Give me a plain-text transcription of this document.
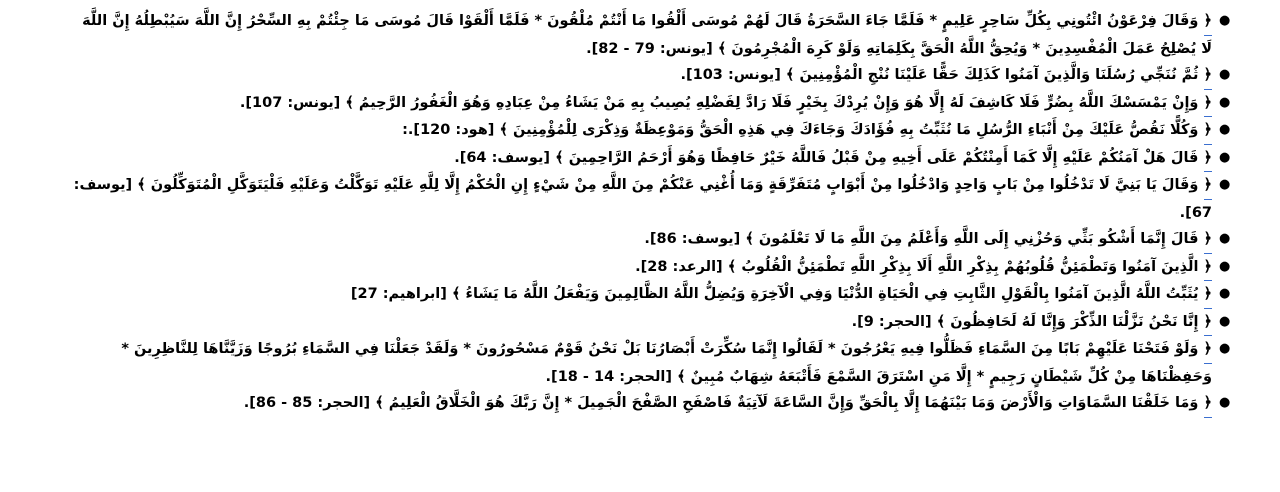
●
﴿ وَقَالَ فِرْعَوْنُ ائْتُونِي بِكُلِّ سَاحِرٍ عَلِيمٍ * فَلَمَّا جَاءَ السَّحَرَةُ قَالَ لَهُمْ مُوسَى أَلْقُوا مَا أَنْتُمْ مُلْقُونَ * فَلَمَّا أَلْقَوْا قَالَ مُوسَى مَا جِئْتُمْ بِهِ السِّحْرُ إِنَّ اللَّهَ سَيُبْطِلُهُ إِنَّ اللَّهَ لَا يُصْلِحُ عَمَلَ الْمُفْسِدِينَ * وَيُحِقُّ اللَّهُ الْحَقَّ بِكَلِمَاتِهِ وَلَوْ كَرِهَ الْمُجْرِمُونَ ﴾ [يونس: 79 - 82].
●
﴿ ثُمَّ نُنَجِّي رُسُلَنَا وَالَّذِينَ آمَنُوا كَذَلِكَ حَقًّا عَلَيْنَا نُنْجِ الْمُؤْمِنِينَ ﴾ [يونس: 103].
●
﴿ وَإِنْ يَمْسَسْكَ اللَّهُ بِضُرٍّ فَلَا كَاشِفَ لَهُ إِلَّا هُوَ وَإِنْ يُرِدْكَ بِخَيْرٍ فَلَا رَادَّ لِفَضْلِهِ يُصِيبُ بِهِ مَنْ يَشَاءُ مِنْ عِبَادِهِ وَهُوَ الْغَفُورُ الرَّحِيمُ ﴾ [يونس: 107].
●
﴿ وَكُلًّا نَقُصُّ عَلَيْكَ مِنْ أَنْبَاءِ الرُّسُلِ مَا نُثَبِّتُ بِهِ فُؤَادَكَ وَجَاءَكَ فِي هَذِهِ الْحَقُّ وَمَوْعِظَةٌ وَذِكْرَى لِلْمُؤْمِنِينَ ﴾ [هود: 120].:
●
﴿ قَالَ هَلْ آمَنُكُمْ عَلَيْهِ إِلَّا كَمَا أَمِنْتُكُمْ عَلَى أَخِيهِ مِنْ قَبْلُ فَاللَّهُ خَيْرٌ حَافِظًا وَهُوَ أَرْحَمُ الرَّاحِمِينَ ﴾ [يوسف: 64].
●
﴿ وَقَالَ يَا بَنِيَّ لَا تَدْخُلُوا مِنْ بَابٍ وَاحِدٍ وَادْخُلُوا مِنْ أَبْوَابٍ مُتَفَرِّقَةٍ وَمَا أُغْنِي عَنْكُمْ مِنَ اللَّهِ مِنْ شَيْءٍ إِنِ الْحُكْمُ إِلَّا لِلَّهِ عَلَيْهِ تَوَكَّلْتُ وَعَلَيْهِ فَلْيَتَوَكَّلِ الْمُتَوَكِّلُونَ ﴾ [يوسف: 67].
●
﴿ قَالَ إِنَّمَا أَشْكُو بَثِّي وَحُزْنِي إِلَى اللَّهِ وَأَعْلَمُ مِنَ اللَّهِ مَا لَا تَعْلَمُونَ ﴾ [يوسف: 86].
●
﴿ الَّذِينَ آمَنُوا وَتَطْمَئِنُّ قُلُوبُهُمْ بِذِكْرِ اللَّهِ أَلَا بِذِكْرِ اللَّهِ تَطْمَئِنُّ الْقُلُوبُ ﴾ [الرعد: 28].
●
﴿ يُثَبِّتُ اللَّهُ الَّذِينَ آمَنُوا بِالْقَوْلِ الثَّابِتِ فِي الْحَيَاةِ الدُّنْيَا وَفِي الْآخِرَةِ وَيُضِلُّ اللَّهُ الظَّالِمِينَ وَيَفْعَلُ اللَّهُ مَا يَشَاءُ ﴾ [ابراهيم: 27]
●
﴿ إِنَّا نَحْنُ نَزَّلْنَا الذِّكْرَ وَإِنَّا لَهُ لَحَافِظُونَ ﴾ [الحجر: 9].
●
﴿ وَلَوْ فَتَحْنَا عَلَيْهِمْ بَابًا مِنَ السَّمَاءِ فَظَلُّوا فِيهِ يَعْرُجُونَ * لَقَالُوا إِنَّمَا سُكِّرَتْ أَبْصَارُنَا بَلْ نَحْنُ قَوْمٌ مَسْحُورُونَ * وَلَقَدْ جَعَلْنَا فِي السَّمَاءِ بُرُوجًا وَزَيَّنَّاهَا لِلنَّاظِرِينَ * وَحَفِظْنَاهَا مِنْ كُلِّ شَيْطَانٍ رَجِيمٍ * إِلَّا مَنِ اسْتَرَقَ السَّمْعَ فَأَتْبَعَهُ شِهَابٌ مُبِينٌ ﴾ [الحجر: 14 - 18].
●
﴿ وَمَا خَلَقْنَا السَّمَاوَاتِ وَالْأَرْضَ وَمَا بَيْنَهُمَا إِلَّا بِالْحَقِّ وَإِنَّ السَّاعَةَ لَآتِيَةٌ فَاصْفَحِ الصَّفْحَ الْجَمِيلَ * إِنَّ رَبَّكَ هُوَ الْخَلَّاقُ الْعَلِيمُ ﴾ [الحجر: 85 - 86].
